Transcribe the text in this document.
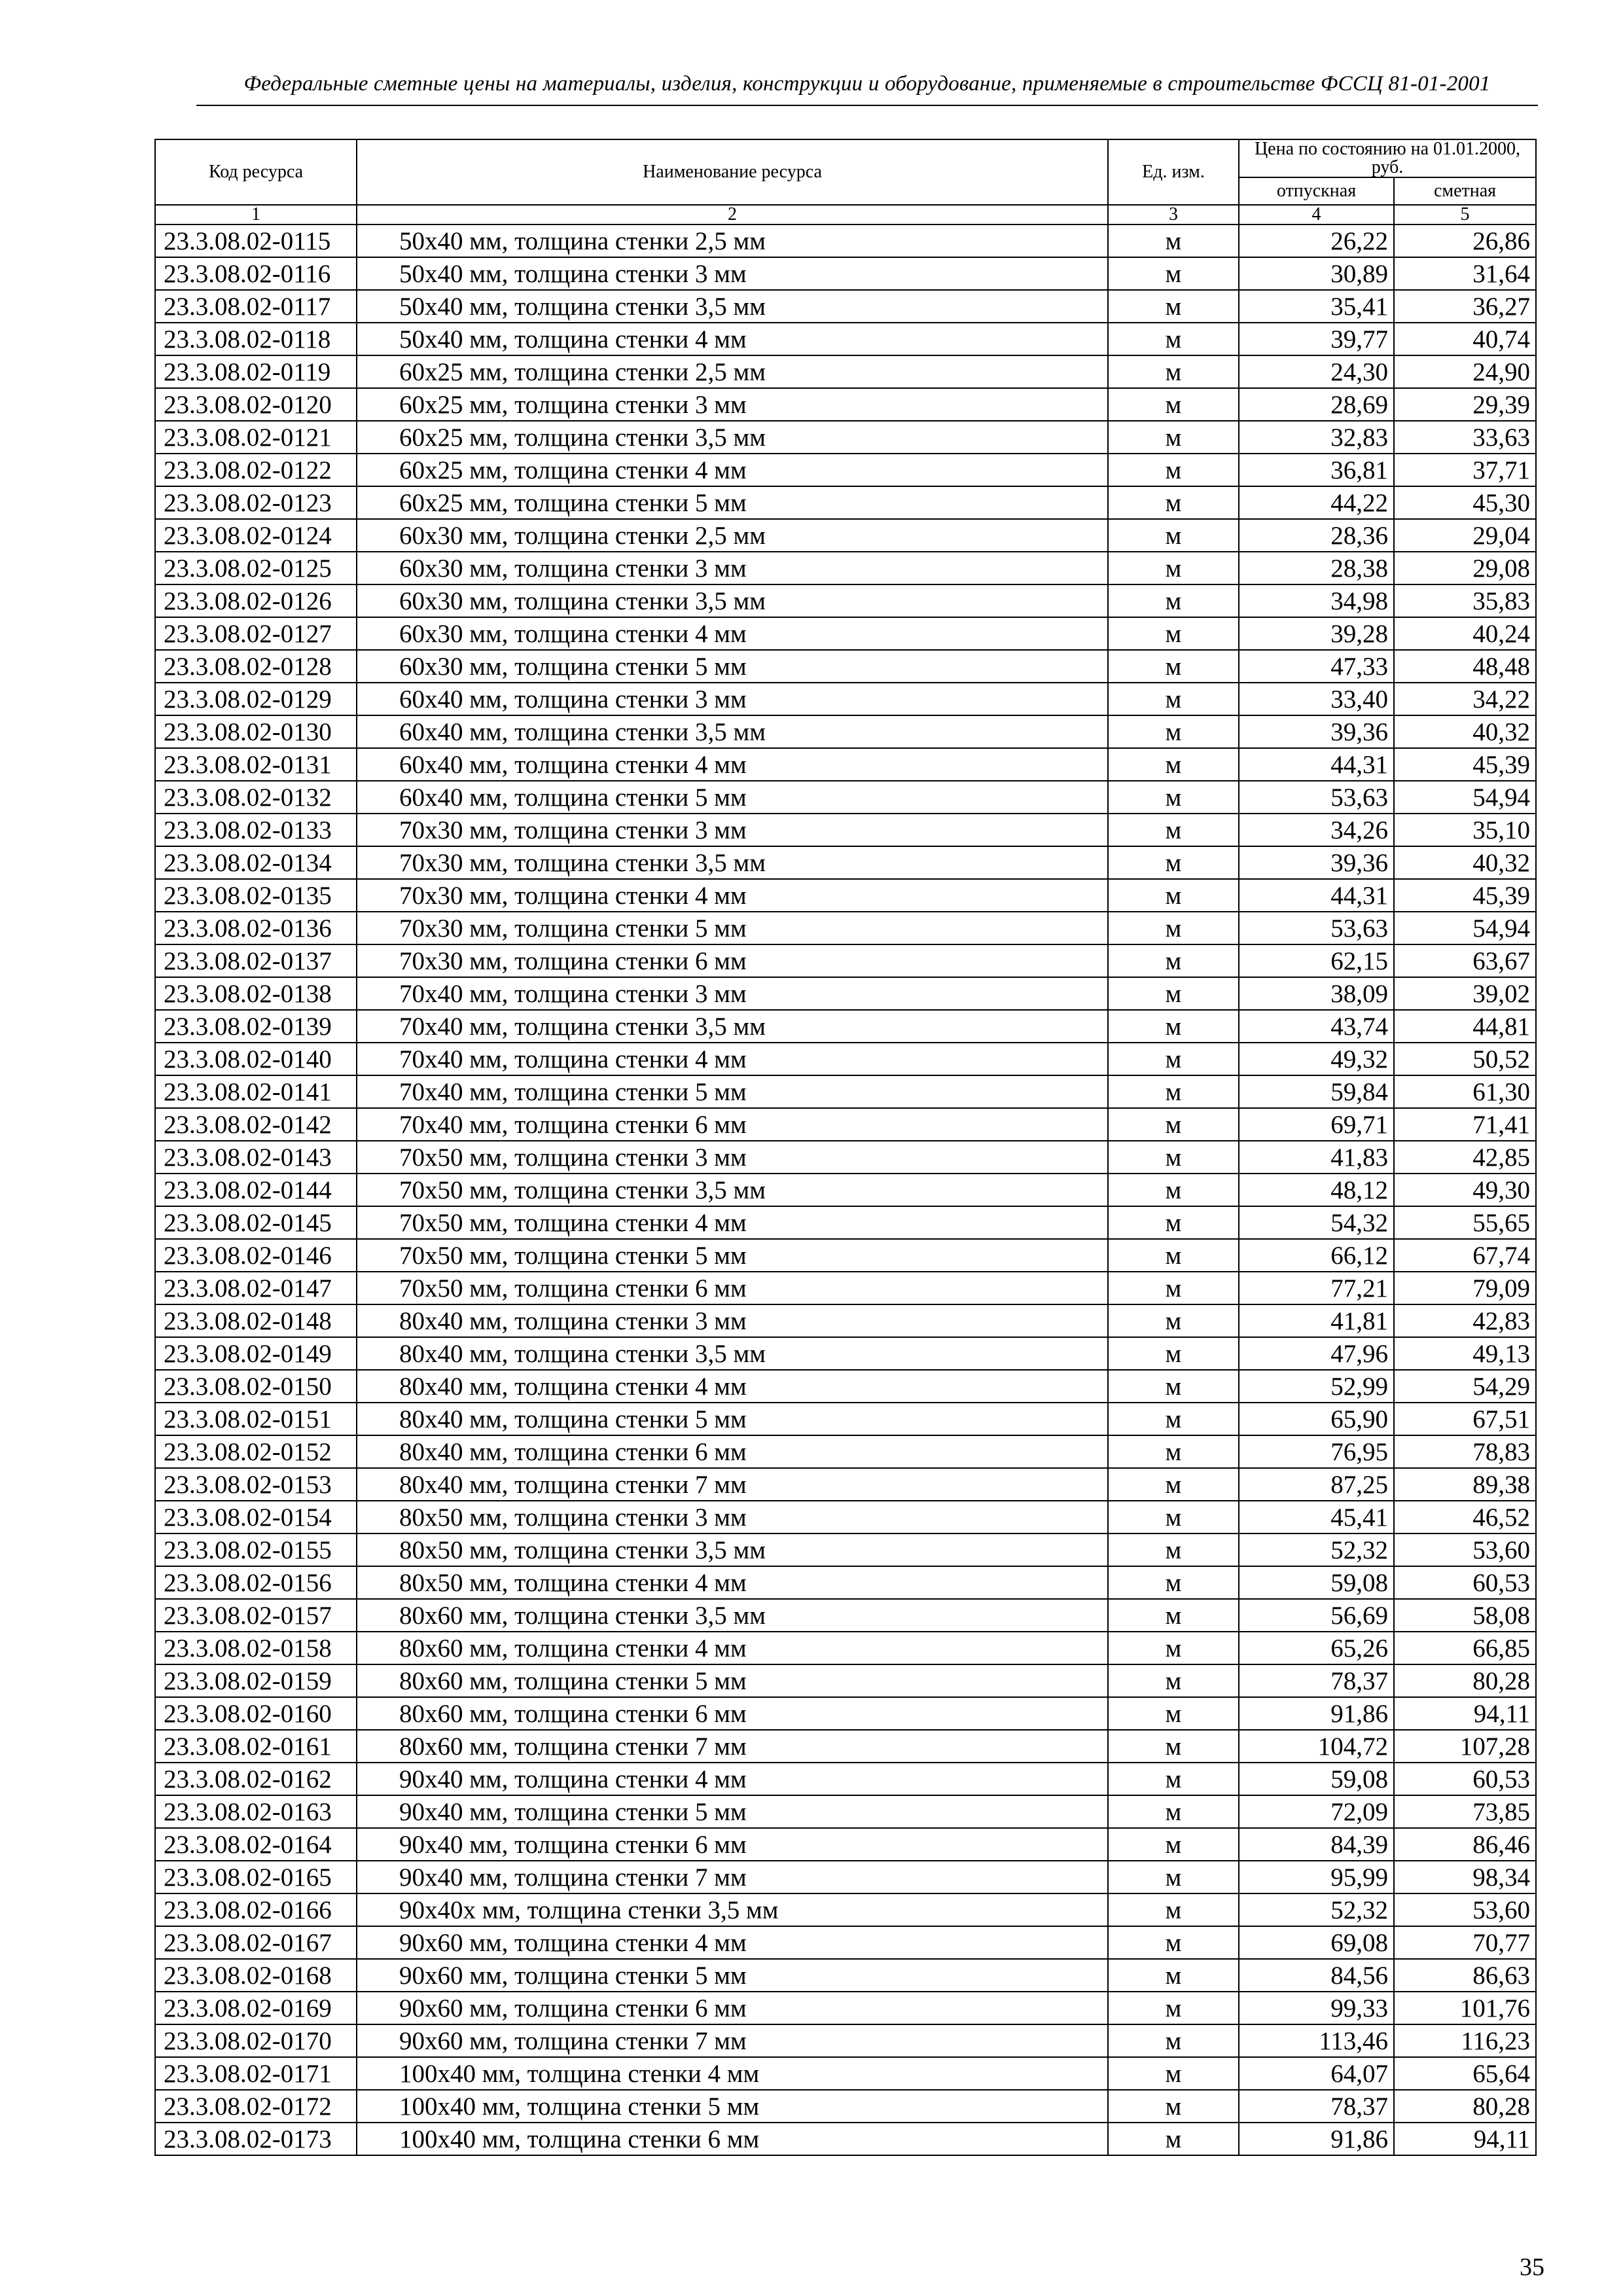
Федеральные сметные цены на материалы, изделия, конструкции и оборудование, применяемые в строительстве ФССЦ 81-01-2001
Код ресурса	Наименование ресурса	Ед. изм.	Цена по состоянию на 01.01.2000, руб.	
			отпускная	сметная
1	2	3	4	5
23.3.08.02-0115	50x40 мм, толщина стенки 2,5 мм	м	26,22	26,86
23.3.08.02-0116	50x40 мм, толщина стенки 3 мм	м	30,89	31,64
23.3.08.02-0117	50x40 мм, толщина стенки 3,5 мм	м	35,41	36,27
23.3.08.02-0118	50x40 мм, толщина стенки 4 мм	м	39,77	40,74
23.3.08.02-0119	60x25 мм, толщина стенки 2,5 мм	м	24,30	24,90
23.3.08.02-0120	60x25 мм, толщина стенки 3 мм	м	28,69	29,39
23.3.08.02-0121	60x25 мм, толщина стенки 3,5 мм	м	32,83	33,63
23.3.08.02-0122	60x25 мм, толщина стенки 4 мм	м	36,81	37,71
23.3.08.02-0123	60x25 мм, толщина стенки 5 мм	м	44,22	45,30
23.3.08.02-0124	60x30 мм, толщина стенки 2,5 мм	м	28,36	29,04
23.3.08.02-0125	60x30 мм, толщина стенки 3 мм	м	28,38	29,08
23.3.08.02-0126	60x30 мм, толщина стенки 3,5 мм	м	34,98	35,83
23.3.08.02-0127	60x30 мм, толщина стенки 4 мм	м	39,28	40,24
23.3.08.02-0128	60x30 мм, толщина стенки 5 мм	м	47,33	48,48
23.3.08.02-0129	60x40 мм, толщина стенки 3 мм	м	33,40	34,22
23.3.08.02-0130	60x40 мм, толщина стенки 3,5 мм	м	39,36	40,32
23.3.08.02-0131	60x40 мм, толщина стенки 4 мм	м	44,31	45,39
23.3.08.02-0132	60x40 мм, толщина стенки 5 мм	м	53,63	54,94
23.3.08.02-0133	70x30 мм, толщина стенки 3 мм	м	34,26	35,10
23.3.08.02-0134	70x30 мм, толщина стенки 3,5 мм	м	39,36	40,32
23.3.08.02-0135	70x30 мм, толщина стенки 4 мм	м	44,31	45,39
23.3.08.02-0136	70x30 мм, толщина стенки 5 мм	м	53,63	54,94
23.3.08.02-0137	70x30 мм, толщина стенки 6 мм	м	62,15	63,67
23.3.08.02-0138	70x40 мм, толщина стенки 3 мм	м	38,09	39,02
23.3.08.02-0139	70x40 мм, толщина стенки 3,5 мм	м	43,74	44,81
23.3.08.02-0140	70x40 мм, толщина стенки 4 мм	м	49,32	50,52
23.3.08.02-0141	70x40 мм, толщина стенки 5 мм	м	59,84	61,30
23.3.08.02-0142	70x40 мм, толщина стенки 6 мм	м	69,71	71,41
23.3.08.02-0143	70x50 мм, толщина стенки 3 мм	м	41,83	42,85
23.3.08.02-0144	70x50 мм, толщина стенки 3,5 мм	м	48,12	49,30
23.3.08.02-0145	70x50 мм, толщина стенки 4 мм	м	54,32	55,65
23.3.08.02-0146	70x50 мм, толщина стенки 5 мм	м	66,12	67,74
23.3.08.02-0147	70x50 мм, толщина стенки 6 мм	м	77,21	79,09
23.3.08.02-0148	80x40 мм, толщина стенки 3 мм	м	41,81	42,83
23.3.08.02-0149	80x40 мм, толщина стенки 3,5 мм	м	47,96	49,13
23.3.08.02-0150	80x40 мм, толщина стенки 4 мм	м	52,99	54,29
23.3.08.02-0151	80x40 мм, толщина стенки 5 мм	м	65,90	67,51
23.3.08.02-0152	80x40 мм, толщина стенки 6 мм	м	76,95	78,83
23.3.08.02-0153	80x40 мм, толщина стенки 7 мм	м	87,25	89,38
23.3.08.02-0154	80x50 мм, толщина стенки 3 мм	м	45,41	46,52
23.3.08.02-0155	80x50 мм, толщина стенки 3,5 мм	м	52,32	53,60
23.3.08.02-0156	80x50 мм, толщина стенки 4 мм	м	59,08	60,53
23.3.08.02-0157	80x60 мм, толщина стенки 3,5 мм	м	56,69	58,08
23.3.08.02-0158	80x60 мм, толщина стенки 4 мм	м	65,26	66,85
23.3.08.02-0159	80x60 мм, толщина стенки 5 мм	м	78,37	80,28
23.3.08.02-0160	80x60 мм, толщина стенки 6 мм	м	91,86	94,11
23.3.08.02-0161	80x60 мм, толщина стенки 7 мм	м	104,72	107,28
23.3.08.02-0162	90x40 мм, толщина стенки 4 мм	м	59,08	60,53
23.3.08.02-0163	90x40 мм, толщина стенки 5 мм	м	72,09	73,85
23.3.08.02-0164	90x40 мм, толщина стенки 6 мм	м	84,39	86,46
23.3.08.02-0165	90x40 мм, толщина стенки 7 мм	м	95,99	98,34
23.3.08.02-0166	90x40x мм, толщина стенки 3,5 мм	м	52,32	53,60
23.3.08.02-0167	90x60 мм, толщина стенки 4 мм	м	69,08	70,77
23.3.08.02-0168	90x60 мм, толщина стенки 5 мм	м	84,56	86,63
23.3.08.02-0169	90x60 мм, толщина стенки 6 мм	м	99,33	101,76
23.3.08.02-0170	90x60 мм, толщина стенки 7 мм	м	113,46	116,23
23.3.08.02-0171	100x40 мм, толщина стенки 4 мм	м	64,07	65,64
23.3.08.02-0172	100x40 мм, толщина стенки 5 мм	м	78,37	80,28
23.3.08.02-0173	100x40 мм, толщина стенки 6 мм	м	91,86	94,11
35
